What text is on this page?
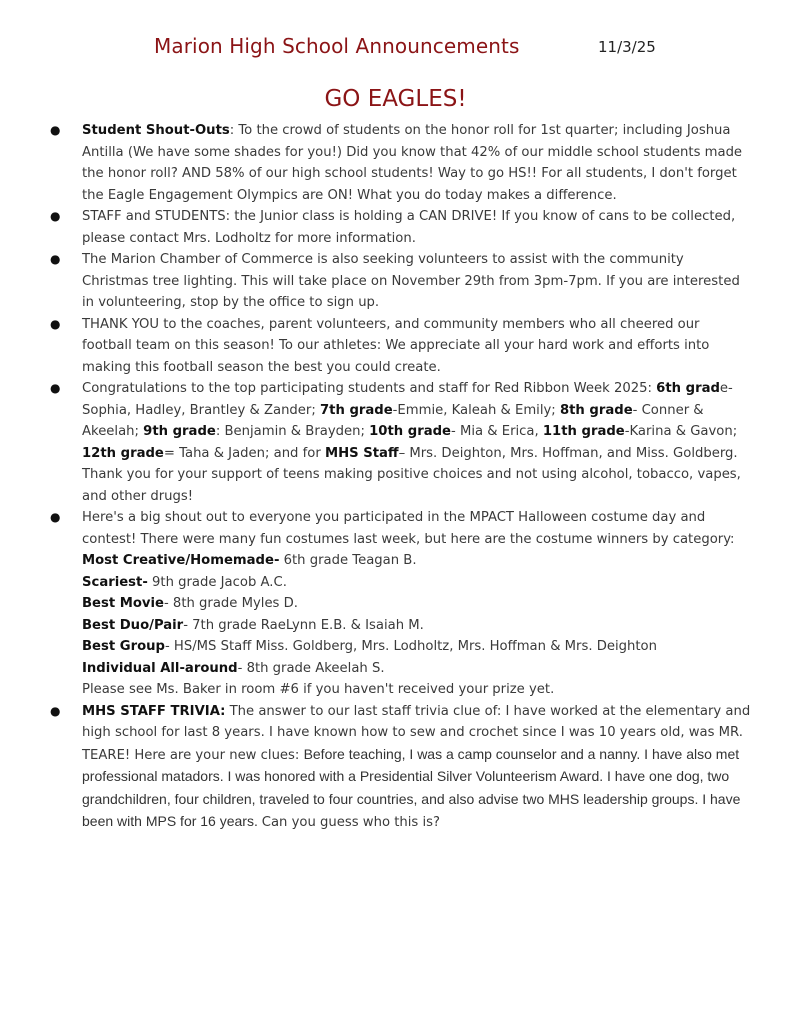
Marion High School Announcements	11/3/25
GO EAGLES!
● Student Shout-Outs: To the crowd of students on the honor roll for 1st quarter; including Joshua Antilla (We have some shades for you!) Did you know that 42% of our middle school students made the honor roll? AND 58% of our high school students! Way to go HS!! For all students, I don't forget the Eagle Engagement Olympics are ON! What you do today makes a difference.
● STAFF and STUDENTS: the Junior class is holding a CAN DRIVE! If you know of cans to be collected, please contact Mrs. Lodholtz for more information.
● The Marion Chamber of Commerce is also seeking volunteers to assist with the community Christmas tree lighting. This will take place on November 29th from 3pm-7pm. If you are interested in volunteering, stop by the office to sign up.
● THANK YOU to the coaches, parent volunteers, and community members who all cheered our football team on this season! To our athletes: We appreciate all your hard work and efforts into making this football season the best you could create.
● Congratulations to the top participating students and staff for Red Ribbon Week 2025: 6th grade-Sophia, Hadley, Brantley & Zander; 7th grade-Emmie, Kaleah & Emily; 8th grade- Conner & Akeelah; 9th grade: Benjamin & Brayden; 10th grade- Mia & Erica, 11th grade-Karina & Gavon; 12th grade= Taha & Jaden; and for MHS Staff– Mrs. Deighton, Mrs. Hoffman, and Miss. Goldberg. Thank you for your support of teens making positive choices and not using alcohol, tobacco, vapes, and other drugs!
● Here's a big shout out to everyone you participated in the MPACT Halloween costume day and contest! There were many fun costumes last week, but here are the costume winners by category:
Most Creative/Homemade- 6th grade Teagan B.
Scariest- 9th grade Jacob A.C.
Best Movie- 8th grade Myles D.
Best Duo/Pair- 7th grade RaeLynn E.B. & Isaiah M.
Best Group- HS/MS Staff Miss. Goldberg, Mrs. Lodholtz, Mrs. Hoffman & Mrs. Deighton
Individual All-around- 8th grade Akeelah S.
Please see Ms. Baker in room #6 if you haven't received your prize yet.
● MHS STAFF TRIVIA: The answer to our last staff trivia clue of: I have worked at the elementary and high school for last 8 years. I have known how to sew and crochet since I was 10 years old, was MR. TEARE! Here are your new clues: Before teaching, I was a camp counselor and a nanny. I have also met professional matadors. I was honored with a Presidential Silver Volunteerism Award. I have one dog, two grandchildren, four children, traveled to four countries, and also advise two MHS leadership groups. I have been with MPS for 16 years. Can you guess who this is?
